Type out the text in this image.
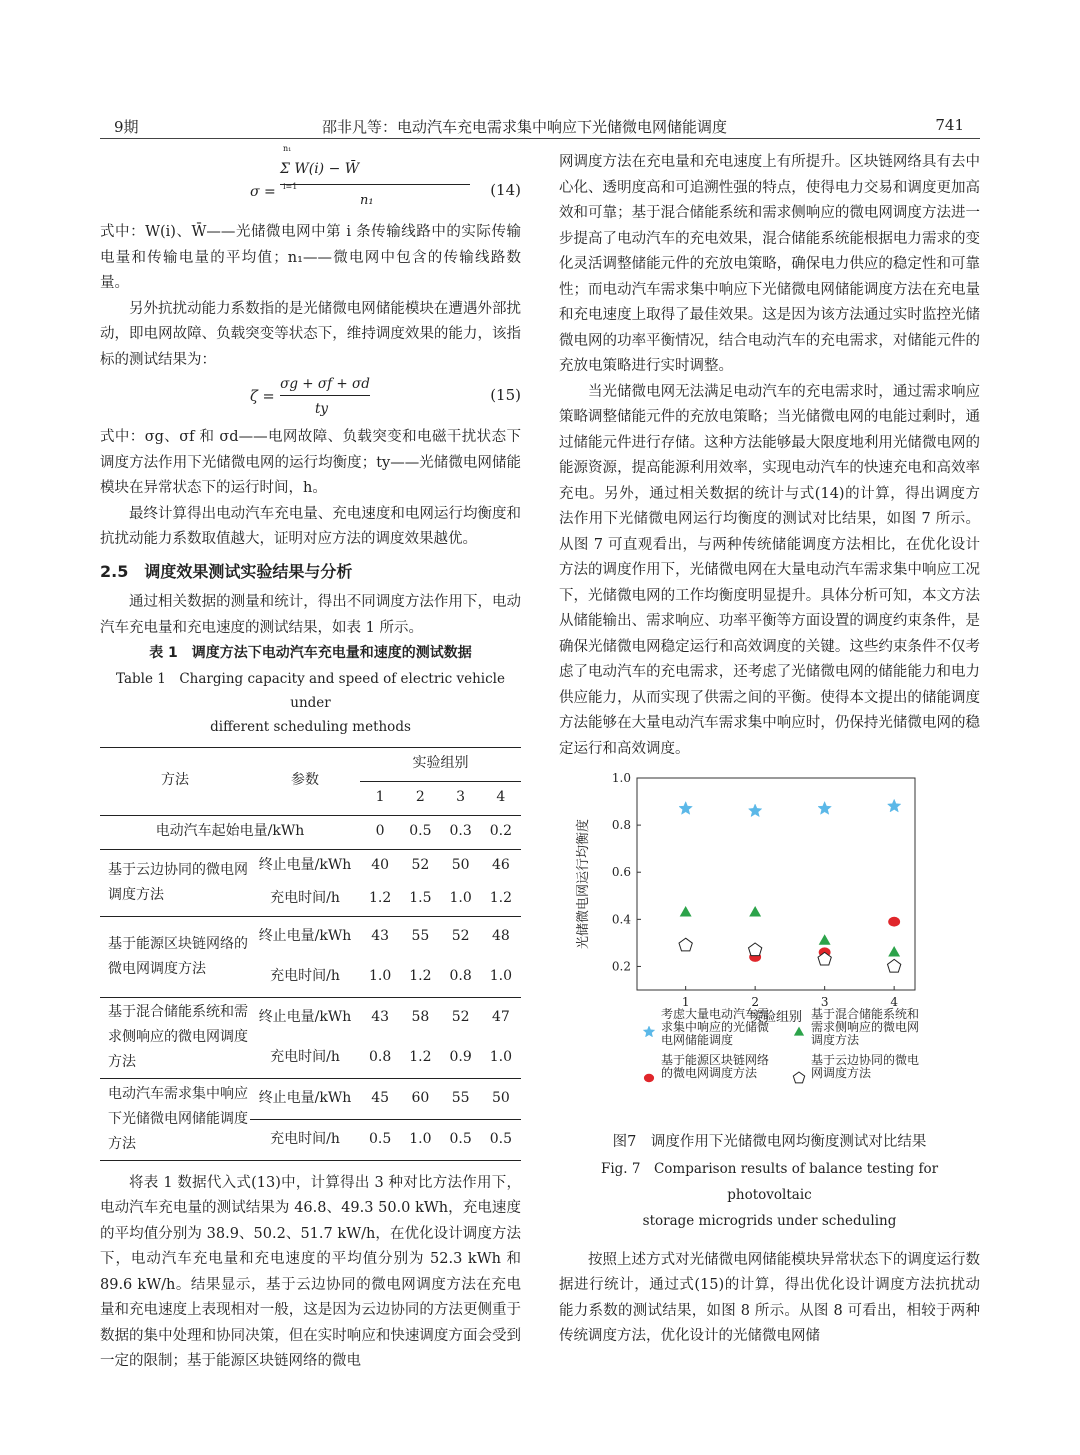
9期	邵非凡等：电动汽车充电需求集中响应下光储微电网储能调度	741
σ =
n₁
i=1
Σ W(i) − W̄
n₁
(14)

式中：W(i)、W̄——光储微电网中第 i 条传输线路中的实际传输电量和传输电量的平均值；n₁——微电网中包含的传输线路数量。

另外抗扰动能力系数指的是光储微电网储能模块在遭遇外部扰动，即电网故障、负载突变等状态下，维持调度效果的能力，该指标的测试结果为：

ζ =
σg + σf + σd
ty
(15)

式中：σg、σf 和 σd——电网故障、负载突变和电磁干扰状态下调度方法作用下光储微电网的运行均衡度；ty——光储微电网储能模块在异常状态下的运行时间，h。

最终计算得出电动汽车充电量、充电速度和电网运行均衡度和抗扰动能力系数取值越大，证明对应方法的调度效果越优。

2.5　调度效果测试实验结果与分析

通过相关数据的测量和统计，得出不同调度方法作用下，电动汽车充电量和充电速度的测试结果，如表 1 所示。

表 1　调度方法下电动汽车充电量和速度的测试数据
Table 1　Charging capacity and speed of electric vehicle under
different scheduling methods
方法	参数	实验组别			
		1	2	3	4
电动汽车起始电量/kWh		0	0.5	0.3	0.2
基于云边协同的微电网调度方法	终止电量/kWh	40	52	50	46
	充电时间/h	1.2	1.5	1.0	1.2
基于能源区块链网络的微电网调度方法	终止电量/kWh	43	55	52	48
	充电时间/h	1.0	1.2	0.8	1.0
基于混合储能系统和需求侧响应的微电网调度方法	终止电量/kWh	43	58	52	47
	充电时间/h	0.8	1.2	0.9	1.0
电动汽车需求集中响应下光储微电网储能调度方法	终止电量/kWh	45	60	55	50
	充电时间/h	0.5	1.0	0.5	0.5

将表 1 数据代入式(13)中，计算得出 3 种对比方法作用下，电动汽车充电量的测试结果为 46.8、49.3 50.0 kWh，充电速度的平均值分别为 38.9、50.2、51.7 kW/h，在优化设计调度方法下，电动汽车充电量和充电速度的平均值分别为 52.3 kWh 和 89.6 kW/h。结果显示，基于云边协同的微电网调度方法在充电量和充电速度上表现相对一般，这是因为云边协同的方法更侧重于数据的集中处理和协同决策，但在实时响应和快速调度方面会受到一定的限制；基于能源区块链网络的微电

网调度方法在充电量和充电速度上有所提升。区块链网络具有去中心化、透明度高和可追溯性强的特点，使得电力交易和调度更加高效和可靠；基于混合储能系统和需求侧响应的微电网调度方法进一步提高了电动汽车的充电效果，混合储能系统能根据电力需求的变化灵活调整储能元件的充放电策略，确保电力供应的稳定性和可靠性；而电动汽车需求集中响应下光储微电网储能调度方法在充电量和充电速度上取得了最佳效果。这是因为该方法通过实时监控光储微电网的功率平衡情况，结合电动汽车的充电需求，对储能元件的充放电策略进行实时调整。

当光储微电网无法满足电动汽车的充电需求时，通过需求响应策略调整储能元件的充放电策略；当光储微电网的电能过剩时，通过储能元件进行存储。这种方法能够最大限度地利用光储微电网的能源资源，提高能源利用效率，实现电动汽车的快速充电和高效率充电。另外，通过相关数据的统计与式(14)的计算，得出调度方法作用下光储微电网运行均衡度的测试对比结果，如图 7 所示。从图 7 可直观看出，与两种传统储能调度方法相比，在优化设计方法的调度作用下，光储微电网在大量电动汽车需求集中响应工况下，光储微电网的工作均衡度明显提升。具体分析可知，本文方法从储能输出、需求响应、功率平衡等方面设置的调度约束条件，是确保光储微电网稳定运行和高效调度的关键。这些约束条件不仅考虑了电动汽车的充电需求，还考虑了光储微电网的储能能力和电力供应能力，从而实现了供需之间的平衡。使得本文提出的储能调度方法能够在大量电动汽车需求集中响应时，仍保持光储微电网的稳定运行和高效调度。

0.2
0.4
0.6
0.8
1.0
1	2	3	4
实验组别
光储微电网运行均衡度
考虑大量电动汽车需求集中响应的光储微电网储能调度
基于混合储能系统和需求侧响应的微电网调度方法
基于能源区块链网络的微电网调度方法
基于云边协同的微电网调度方法
图7　调度作用下光储微电网均衡度测试对比结果
Fig. 7　Comparison results of balance testing for photovoltaic
storage microgrids under scheduling

按照上述方式对光储微电网储能模块异常状态下的调度运行数据进行统计，通过式(15)的计算，得出优化设计调度方法抗扰动能力系数的测试结果，如图 8 所示。从图 8 可看出，相较于两种传统调度方法，优化设计的光储微电网储
